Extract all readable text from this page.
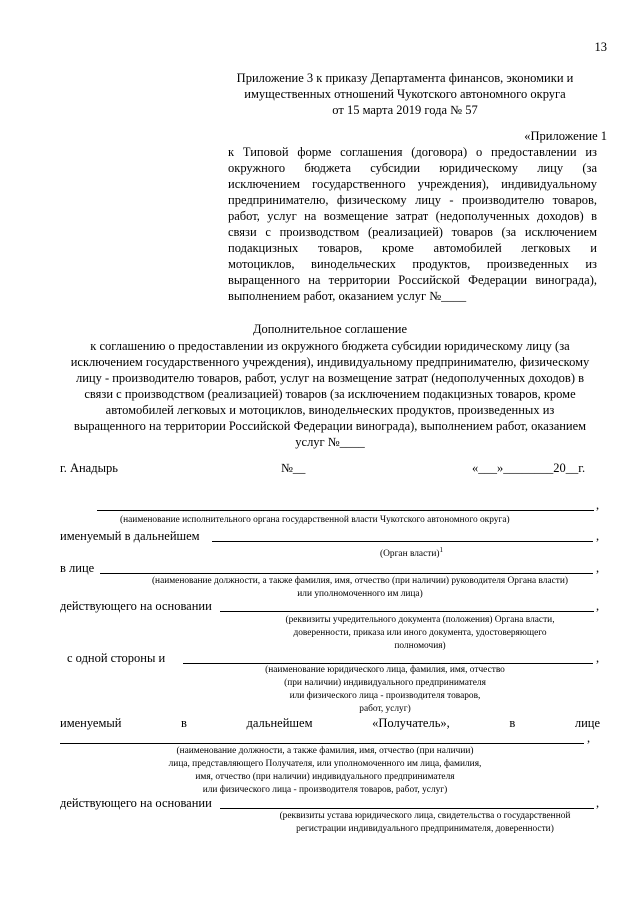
13
Приложение 3 к приказу Департамента финансов, экономики и
имущественных отношений Чукотского автономного округа
от 15 марта 2019 года № 57
«Приложение 1
к Типовой форме соглашения (договора) о предоставлении из
окружного бюджета субсидии юридическому лицу (за
исключением государственного учреждения), индивидуальному
предпринимателю, физическому лицу - производителю товаров,
работ, услуг на возмещение затрат (недополученных доходов) в
связи с производством (реализацией) товаров (за исключением
подакцизных товаров, кроме автомобилей легковых и
мотоциклов, винодельческих продуктов, произведенных из
выращенного на территории Российской Федерации винограда),
выполнением работ, оказанием услуг №____
Дополнительное соглашение
к соглашению о предоставлении из окружного бюджета субсидии юридическому лицу (за
исключением государственного учреждения), индивидуальному предпринимателю, физическому
лицу - производителю товаров, работ, услуг на возмещение затрат (недополученных доходов) в
связи с производством (реализацией) товаров (за исключением подакцизных товаров, кроме
автомобилей легковых и мотоциклов, винодельческих продуктов, произведенных из
выращенного на территории Российской Федерации винограда), выполнением работ, оказанием
услуг №____
г. Анадырь	№__	«___»________20__г.
,
(наименование исполнительного органа государственной власти Чукотского автономного округа)
именуемый в дальнейшем	,
(Орган власти)$^1$
в лице	,
(наименование должности, а также фамилия, имя, отчество (при наличии) руководителя Органа власти)
или уполномоченного им лица)
действующего на основании	,
(реквизиты учредительного документа (положения) Органа власти,
доверенности, приказа или иного документа, удостоверяющего
полномочия)
с одной стороны и	,
(наименование юридического лица, фамилия, имя, отчество
(при наличии) индивидуального предпринимателя
или физического лица - производителя товаров,
работ, услуг)
именуемый	в	дальнейшем	«Получатель»,	в	лице
,
(наименование должности, а также фамилия, имя, отчество (при наличии)
лица, представляющего Получателя, или уполномоченного им лица, фамилия,
имя, отчество (при наличии) индивидуального предпринимателя
или физического лица - производителя товаров, работ, услуг)
действующего на основании	,
(реквизиты устава юридического лица, свидетельства о государственной
регистрации индивидуального предпринимателя, доверенности)
